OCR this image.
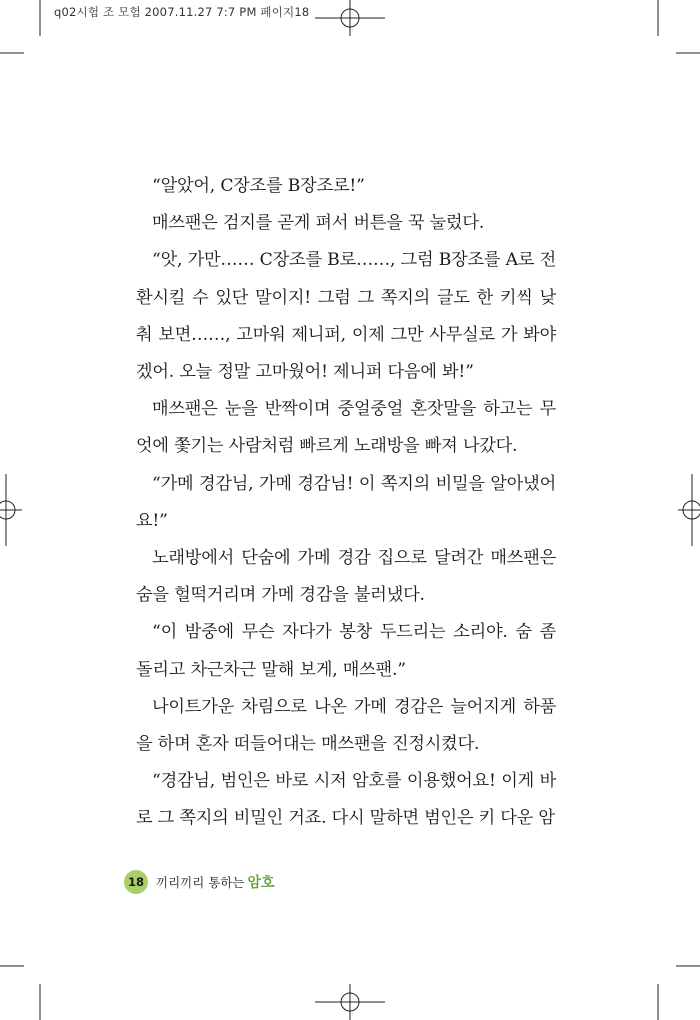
q02시험 조 모험 2007.11.27 7:7 PM 페이지18

“알았어, C장조를 B장조로!”

매쓰팬은 검지를 곧게 펴서 버튼을 꾹 눌렀다.

“앗, 가만…… C장조를 B로……, 그럼 B장조를 A로 전환시킬 수 있단 말이지! 그럼 그 쪽지의 글도 한 키씩 낮춰 보면……, 고마워 제니퍼, 이제 그만 사무실로 가 봐야겠어. 오늘 정말 고마웠어! 제니퍼 다음에 봐!”

매쓰팬은 눈을 반짝이며 중얼중얼 혼잣말을 하고는 무엇에 쫓기는 사람처럼 빠르게 노래방을 빠져 나갔다.

“가메 경감님, 가메 경감님! 이 쪽지의 비밀을 알아냈어요!”

노래방에서 단숨에 가메 경감 집으로 달려간 매쓰팬은 숨을 헐떡거리며 가메 경감을 불러냈다.

“이 밤중에 무슨 자다가 봉창 두드리는 소리야. 숨 좀 돌리고 차근차근 말해 보게, 매쓰팬.”

나이트가운 차림으로 나온 가메 경감은 늘어지게 하품을 하며 혼자 떠들어대는 매쓰팬을 진정시켰다.

“경감님, 범인은 바로 시저 암호를 이용했어요! 이게 바로 그 쪽지의 비밀인 거죠. 다시 말하면 범인은 키 다운 암

18 끼리끼리 통하는 암호
